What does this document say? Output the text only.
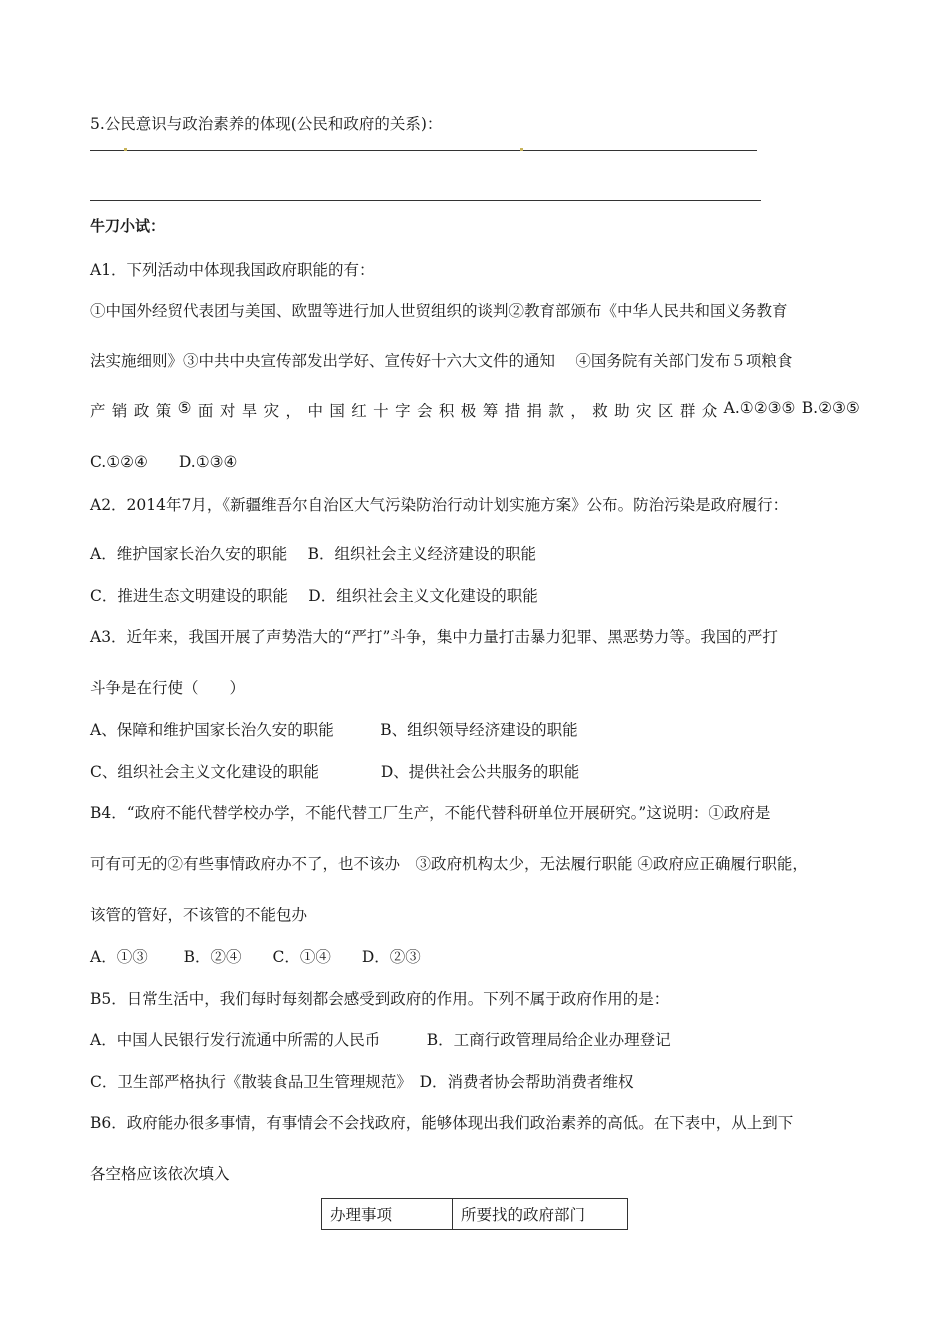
5.公民意识与政治素养的体现(公民和政府的关系)：
牛刀小试：
A1．下列活动中体现我国政府职能的有：
①中国外经贸代表团与美国、欧盟等进行加人世贸组织的谈判②教育部颁布《中华人民共和国义务教育
法实施细则》③中共中央宣传部发出学好、宣传好十六大文件的通知　 ④国务院有关部门发布５项粮食
产 销 政 策 ⑤ 面 对 旱 灾 ， 中 国 红 十 字 会 积 极 筹 措 捐 款 ， 救 助 灾 区 群 众 A.①②③⑤ B.②③⑤
C.①②④　　D.①③④
A2．2014年7月，《新疆维吾尔自治区大气污染防治行动计划实施方案》公布。防治污染是政府履行：
A．维护国家长治久安的职能　 B．组织社会主义经济建设的职能
C．推进生态文明建设的职能　 D．组织社会主义文化建设的职能
A3．近年来，我国开展了声势浩大的“严打”斗争，集中力量打击暴力犯罪、黑恶势力等。我国的严打
斗争是在行使（　　）
A、保障和维护国家长治久安的职能　　　B、组织领导经济建设的职能
C、组织社会主义文化建设的职能　　　　D、提供社会公共服务的职能
B4．“政府不能代替学校办学，不能代替工厂生产，不能代替科研单位开展研究。”这说明：①政府是
可有可无的②有些事情政府办不了，也不该办　③政府机构太少，无法履行职能 ④政府应正确履行职能，
该管的管好，不该管的不能包办
A．①③　　 B．②④　　C．①④　　D．②③
B5．日常生活中，我们每时每刻都会感受到政府的作用。下列不属于政府作用的是：
A．中国人民银行发行流通中所需的人民币　　　B．工商行政管理局给企业办理登记
C．卫生部严格执行《散装食品卫生管理规范》　D．消费者协会帮助消费者维权
B6．政府能办很多事情，有事情会不会找政府，能够体现出我们政治素养的高低。在下表中，从上到下
各空格应该依次填入
办理事项	所要找的政府部门
